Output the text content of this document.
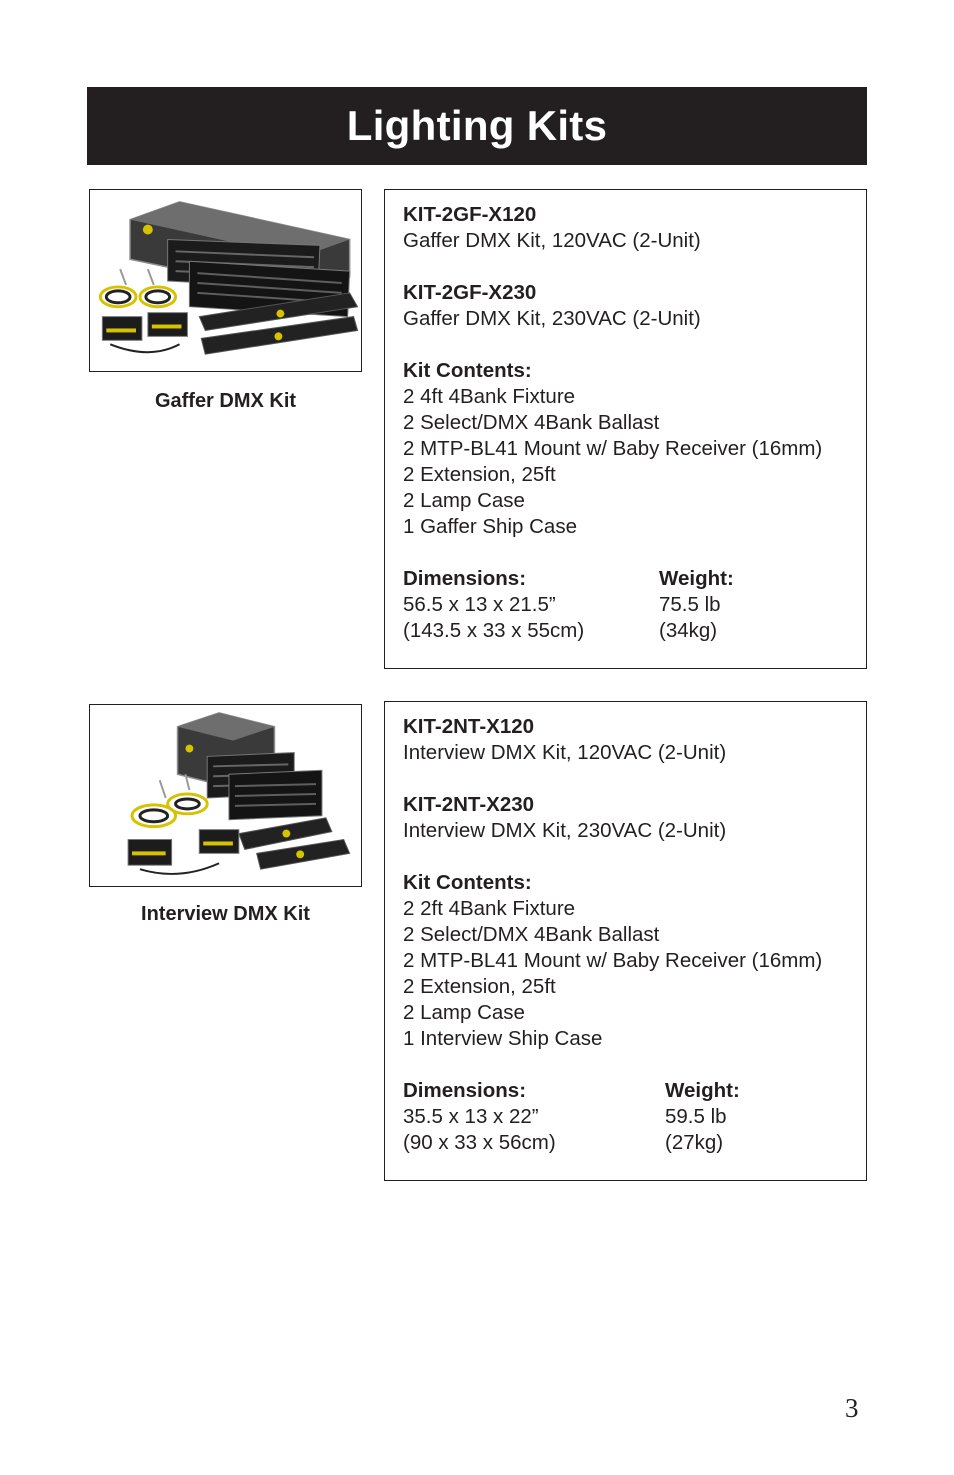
Lighting Kits
Gaffer DMX Kit
KIT-2GF-X120
Gaffer DMX Kit, 120VAC (2-Unit)
KIT-2GF-X230
Gaffer DMX Kit, 230VAC (2-Unit)
Kit Contents:
2 4ft 4Bank Fixture
2 Select/DMX 4Bank Ballast
2 MTP-BL41 Mount w/ Baby Receiver (16mm)
2 Extension, 25ft
2 Lamp Case
1 Gaffer Ship Case
Dimensions:
56.5 x 13 x 21.5”
(143.5 x 33 x 55cm)
Weight:
75.5 lb
(34kg)
Interview DMX Kit
KIT-2NT-X120
Interview DMX Kit, 120VAC (2-Unit)
KIT-2NT-X230
Interview DMX Kit, 230VAC (2-Unit)
Kit Contents:
2 2ft 4Bank Fixture
2 Select/DMX 4Bank Ballast
2 MTP-BL41 Mount w/ Baby Receiver (16mm)
2 Extension, 25ft
2 Lamp Case
1 Interview Ship Case
Dimensions:
35.5 x 13 x 22”
(90 x 33 x 56cm)
Weight:
59.5 lb
(27kg)
3
